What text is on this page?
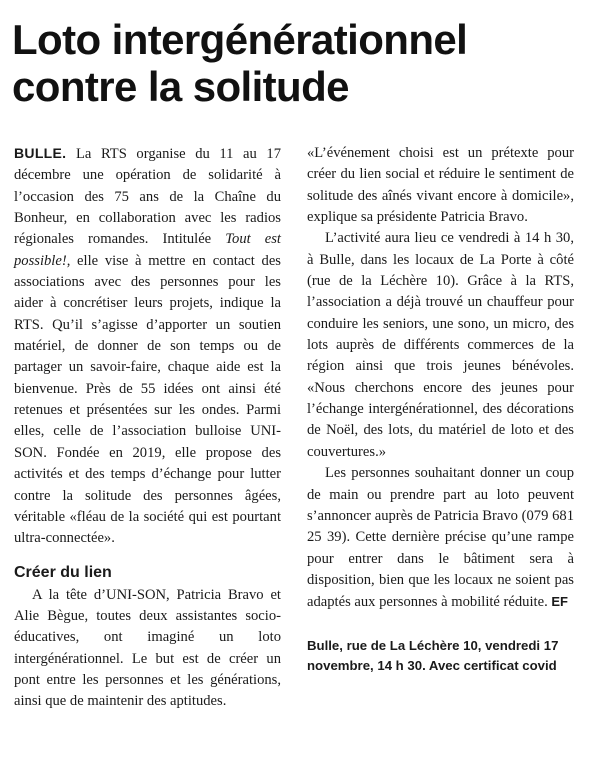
Loto intergénérationnel contre la solitude

BULLE. La RTS organise du 11 au 17 décembre une opération de solidarité à l’occasion des 75 ans de la Chaîne du Bonheur, en collaboration avec les radios régionales romandes. Intitulée Tout est possible!, elle vise à mettre en contact des associations avec des personnes pour les aider à concrétiser leurs projets, indique la RTS. Qu’il s’agisse d’apporter un soutien matériel, de donner de son temps ou de partager un savoir-faire, chaque aide est la bienvenue. Près de 55 idées ont ainsi été retenues et présentées sur les ondes. Parmi elles, celle de l’association bulloise UNI-SON. Fondée en 2019, elle propose des activités et des temps d’échange pour lutter contre la solitude des personnes âgées, véritable «fléau de la société qui est pourtant ultra-connectée».

Créer du lien

A la tête d’UNI-SON, Patricia Bravo et Alie Bègue, toutes deux assistantes socio-éducatives, ont imaginé un loto intergénérationnel. Le but est de créer un pont entre les personnes et les générations, ainsi que de maintenir des aptitudes.

«L’événement choisi est un prétexte pour créer du lien social et réduire le sentiment de solitude des aînés vivant encore à domicile», explique sa présidente Patricia Bravo.

L’activité aura lieu ce vendredi à 14 h 30, à Bulle, dans les locaux de La Porte à côté (rue de la Léchère 10). Grâce à la RTS, l’association a déjà trouvé un chauffeur pour conduire les seniors, une sono, un micro, des lots auprès de différents commerces de la région ainsi que trois jeunes bénévoles. «Nous cherchons encore des jeunes pour l’échange intergénérationnel, des décorations de Noël, des lots, du matériel de loto et des couvertures.»

Les personnes souhaitant donner un coup de main ou prendre part au loto peuvent s’annoncer auprès de Patricia Bravo (079 681 25 39). Cette dernière précise qu’une rampe pour entrer dans le bâtiment sera à disposition, bien que les locaux ne soient pas adaptés aux personnes à mobilité réduite. EF

Bulle, rue de La Léchère 10, vendredi 17 novembre, 14 h 30. Avec certificat covid
